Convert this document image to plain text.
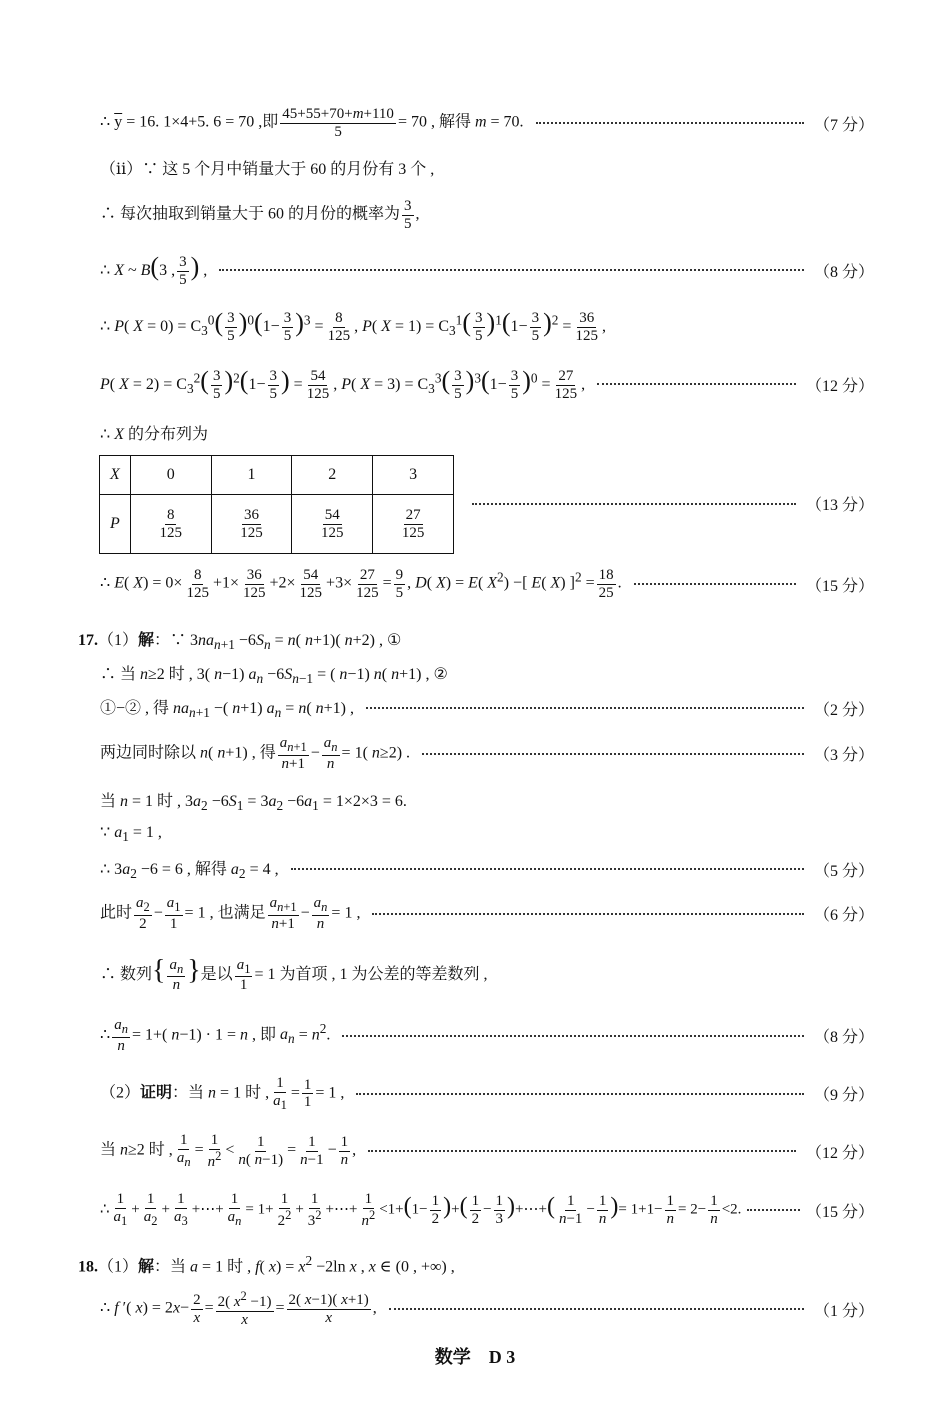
∴ $\overline{y} = 16$. 1×4+5. 6 = 70 ,即 $\frac{45+55+70+m+110}{5} = 70$ , 解得 m = 70.	（7 分）
（ⅱ）∵ 这 5 个月中销量大于 60 的月份有 3 个 ,
∴ 每次抽取到销量大于 60 的月份的概率为 $\frac{3}{5}$ ,
∴ X ~ B(3 , $\frac{3}{5}$ ) ,	（8 分）
∴ P( $X = 0) = C_3^0( \frac{3}{5} )^0(1- \frac{3}{5} )^3 = \frac{8}{125}$ , P( $X = 1) = C_3^1( \frac{3}{5} )^1(1- \frac{3}{5} )^2 = \frac{36}{125}$ ,
P( $X = 2) = C_3^2( \frac{3}{5} )^2(1- \frac{3}{5}$ ) = $\frac{54}{125}$ , P( $X = 3) = C_3^3( \frac{3}{5} )^3(1- \frac{3}{5} )^0 = \frac{27}{125}$ ,	（12 分）
∴ X 的分布列为
X	0	1	2	3
P	$\frac{8}{125}$	$\frac{36}{125}$	$\frac{54}{125}$	$\frac{27}{125}$
（13 分）
∴ E( $X) = 0\times \frac{8}{125} +1\times \frac{36}{125} +2\times \frac{54}{125} +3\times \frac{27}{125} = \frac{9}{5}$ , D( X) = E( $X^2$) −[ E( X) ]$^2 = \frac{18}{25}$ .	（15 分）
17.（1）解：∵ $3na_{n+1} -6S_n = n$( n+1)( n+2) , ①
∴ 当 n≥2 时 , 3( n−1) $a_n -6S_{n-1}$ = ( n−1) n( n+1) , ②
①−② , 得 $na_{n+1}$ −( n+1) $a_n = n$( n+1) ,	（2 分）
两边同时除以 n( n+1) , 得 $\frac{a_{n+1}}{n+1} - \frac{a_n}{n} = 1$( n≥2) .	（3 分）
当 n = 1 时 , $3a_2 -6S_1 = 3a_2 -6a_1 = 1\times 2\times 3 = 6$.
∵ $a_1 = 1$ ,
∴ $3a_2 -6 = 6$ , 解得 $a_2 = 4$ ,	（5 分）
此时 $\frac{a_2}{2} - \frac{a_1}{1} = 1$ , 也满足 $\frac{a_{n+1}}{n+1} - \frac{a_n}{n} = 1$ ,	（6 分）
∴ 数列{ $\frac{a_n}{n}$ }是以 $\frac{a_1}{1} = 1$ 为首项 , 1 为公差的等差数列 ,
∴ $\frac{a_n}{n} = 1+$( n−1) · 1 = n , 即 $a_n = n^2$.	（8 分）
（2）证明：当 n = 1 时 , $\frac{1}{a_1} = \frac{1}{1} = 1$ ,	（9 分）
当 n≥2 时 , $\frac{1}{a_n} = \frac{1}{n^2} < \frac{1}{n( n-1)} = \frac{1}{n-1} - \frac{1}{n}$ ,	（12 分）
∴ $\frac{1}{a_1} + \frac{1}{a_2} + \frac{1}{a_3}$ +⋯+ $\frac{1}{a_n} = 1+ \frac{1}{2^2} + \frac{1}{3^2}$ +⋯+ $\frac{1}{n^2} <1+(1- \frac{1}{2}$ )+( $\frac{1}{2} - \frac{1}{3}$ )+⋯+( $\frac{1}{n-1} - \frac{1}{n}$ )= $1+1- \frac{1}{n} = 2- \frac{1}{n} <2$.	（15 分）
18.（1）解：当 a = 1 时 , f( $x) = x^2 -2\ln$ x , x ∈ (0 , +∞) ,
∴ f ′( $x) = 2x- \frac{2}{x} = \frac{2( x^2 -1)}{x} = \frac{2( x-1)( x+1)}{x}$ ,	（1 分）
数学　D 3
